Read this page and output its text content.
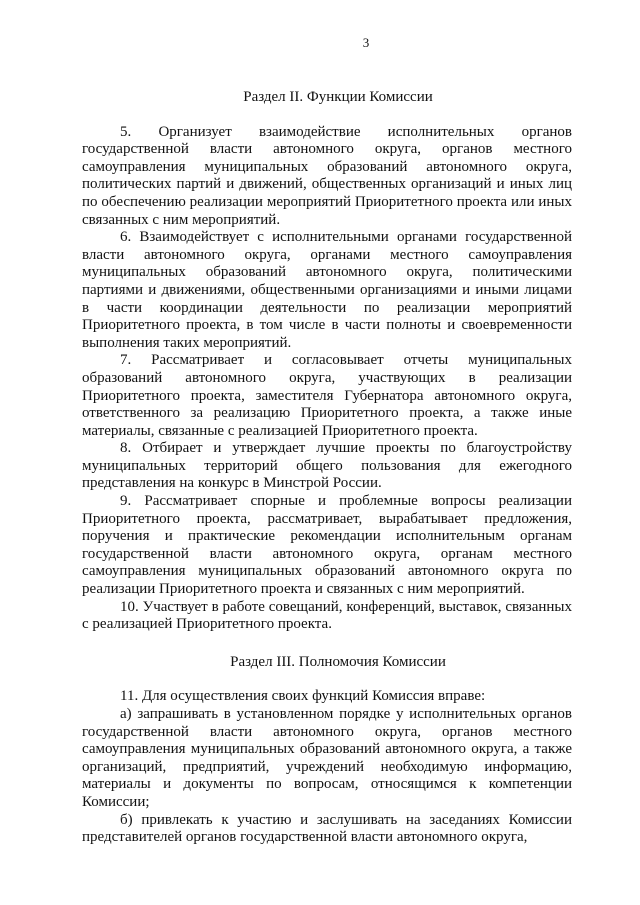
3
Раздел II. Функции Комиссии

5. Организует взаимодействие исполнительных органов государственной власти автономного округа, органов местного самоуправления муниципальных образований автономного округа, политических партий и движений, общественных организаций и иных лиц по обеспечению реализации мероприятий Приоритетного проекта или иных связанных с ним мероприятий.

6. Взаимодействует с исполнительными органами государственной власти автономного округа, органами местного самоуправления муниципальных образований автономного округа, политическими партиями и движениями, общественными организациями и иными лицами в части координации деятельности по реализации мероприятий Приоритетного проекта, в том числе в части полноты и своевременности выполнения таких мероприятий.

7. Рассматривает и согласовывает отчеты муниципальных образований автономного округа, участвующих в реализации Приоритетного проекта, заместителя Губернатора автономного округа, ответственного за реализацию Приоритетного проекта, а также иные материалы, связанные с реализацией Приоритетного проекта.

8. Отбирает и утверждает лучшие проекты по благоустройству муниципальных территорий общего пользования для ежегодного представления на конкурс в Минстрой России.

9. Рассматривает спорные и проблемные вопросы реализации Приоритетного проекта, рассматривает, вырабатывает предложения, поручения и практические рекомендации исполнительным органам государственной власти автономного округа, органам местного самоуправления муниципальных образований автономного округа по реализации Приоритетного проекта и связанных с ним мероприятий.

10. Участвует в работе совещаний, конференций, выставок, связанных с реализацией Приоритетного проекта.

Раздел III. Полномочия Комиссии

11. Для осуществления своих функций Комиссия вправе:

а) запрашивать в установленном порядке у исполнительных органов государственной власти автономного округа, органов местного самоуправления муниципальных образований автономного округа, а также организаций, предприятий, учреждений необходимую информацию, материалы и документы по вопросам, относящимся к компетенции Комиссии;

б) привлекать к участию и заслушивать на заседаниях Комиссии представителей органов государственной власти автономного округа,
